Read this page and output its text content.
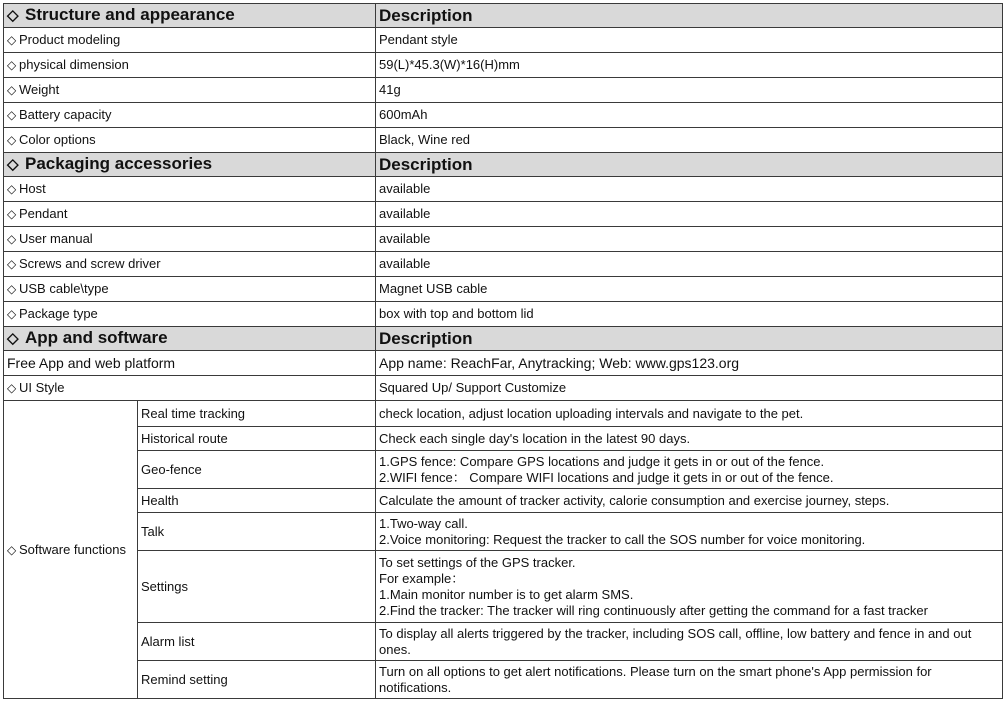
◇ Structure and appearance		Description
◇ Product modeling		Pendant style
◇ physical dimension		59(L)*45.3(W)*16(H)mm
◇ Weight		41g
◇ Battery capacity		600mAh
◇ Color options		Black, Wine red
◇ Packaging accessories		Description
◇ Host		available
◇ Pendant		available
◇ User manual		available
◇ Screws and screw driver		available
◇ USB cable\type		Magnet USB cable
◇ Package type		box with top and bottom lid
◇ App and software		Description
Free App and web platform		App name: ReachFar, Anytracking; Web: www.gps123.org
◇ UI Style		Squared Up/ Support Customize
◇ Software functions	Real time tracking	check location, adjust location uploading intervals and navigate to the pet.

	Historical route	Check each single day's location in the latest 90 days.

	Geo-fence	1.GPS fence: Compare GPS locations and judge it gets in or out of the fence.
2.WIFI fence： Compare WIFI locations and judge it gets in or out of the fence.

	Health	Calculate the amount of tracker activity, calorie consumption and exercise journey, steps.

	Talk	1.Two-way call.
2.Voice monitoring: Request the tracker to call the SOS number for voice monitoring.

	Settings	To set settings of the GPS tracker.
For example：
1.Main monitor number is to get alarm SMS.
2.Find the tracker: The tracker will ring continuously after getting the command for a fast tracker

	Alarm list	To display all alerts triggered by the tracker, including SOS call, offline, low battery and fence in and out ones.
	Remind setting	Turn on all options to get alert notifications. Please turn on the smart phone's App permission for notifications.
